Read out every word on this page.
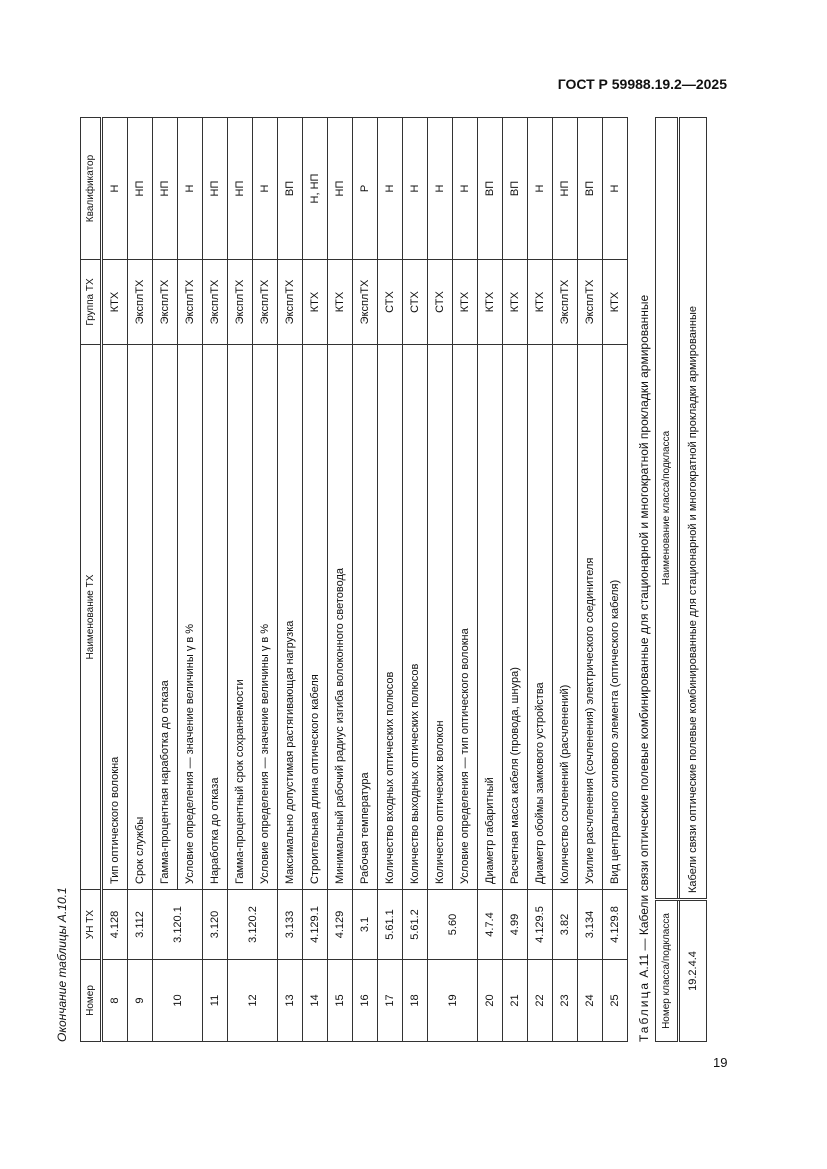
ГОСТ Р 59988.19.2—2025
Окончание таблицы А.10.1 Номер	УН ТХ	Наименование ТХ	Группа ТХ	Квалификатор
8	4.128	Тип оптического волокна	КТХ	Н
9	3.112	Срок службы	ЭксплТХ	НП
10	3.120.1	Гамма-процентная наработка до отказа	ЭксплТХ	НП
		Условие определения — значение величины γ в %	ЭксплТХ	Н
11	3.120	Наработка до отказа	ЭксплТХ	НП
12	3.120.2	Гамма-процентный срок сохраняемости	ЭксплТХ	НП
		Условие определения — значение величины γ в %	ЭксплТХ	Н
13	3.133	Максимально допустимая растягивающая нагрузка	ЭксплТХ	ВП
14	4.129.1	Строительная длина оптического кабеля	КТХ	Н, НП
15	4.129	Минимальный рабочий радиус изгиба волоконного световода	КТХ	НП
16	3.1	Рабочая температура	ЭксплТХ	Р
17	5.61.1	Количество входных оптических полюсов	СТХ	Н
18	5.61.2	Количество выходных оптических полюсов	СТХ	Н
19	5.60	Количество оптических волокон	СТХ	Н
		Условие определения — тип оптического волокна	КТХ	Н
20	4.7.4	Диаметр габаритный	КТХ	ВП
21	4.99	Расчетная масса кабеля (провода, шнура)	КТХ	ВП
22	4.129.5	Диаметр обоймы замкового устройства	КТХ	Н
23	3.82	Количество сочленений (расчленений)	ЭксплТХ	НП
24	3.134	Усилие расчленения (сочленения) электрического соединителя	ЭксплТХ	ВП
25	4.129.8	Вид центрального силового элемента (оптического кабеля)	КТХ	Н
Таблица А.11 — Кабели связи оптические полевые комбинированные для стационарной и многократной прокладки армированные Номер класса/подкласса	Наименование класса/подкласса
19.2.4.4	Кабели связи оптические полевые комбинированные для стационарной и многократной прокладки армированные
19
